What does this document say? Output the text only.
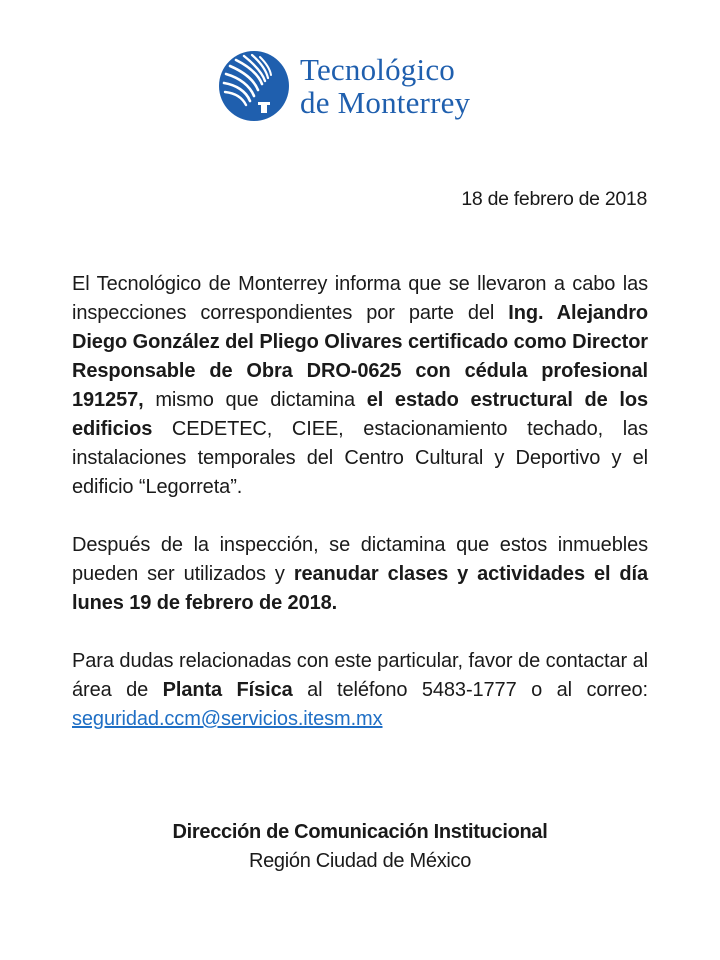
Tecnológico
de Monterrey
18 de febrero de 2018

El Tecnológico de Monterrey informa que se llevaron a cabo las inspecciones correspondientes por parte del Ing. Alejandro Diego González del Pliego Olivares certificado como Director Responsable de Obra DRO-0625 con cédula profesional 191257, mismo que dictamina el estado estructural de los edificios CEDETEC, CIEE, estacionamiento techado, las instalaciones temporales del Centro Cultural y Deportivo y el edificio “Legorreta”.

Después de la inspección, se dictamina que estos inmuebles pueden ser utilizados y reanudar clases y actividades el día lunes 19 de febrero de 2018.

Para dudas relacionadas con este particular, favor de contactar al área de Planta Física al teléfono 5483-1777 o al correo: seguridad.ccm@servicios.itesm.mx

Dirección de Comunicación Institucional
Región Ciudad de México
